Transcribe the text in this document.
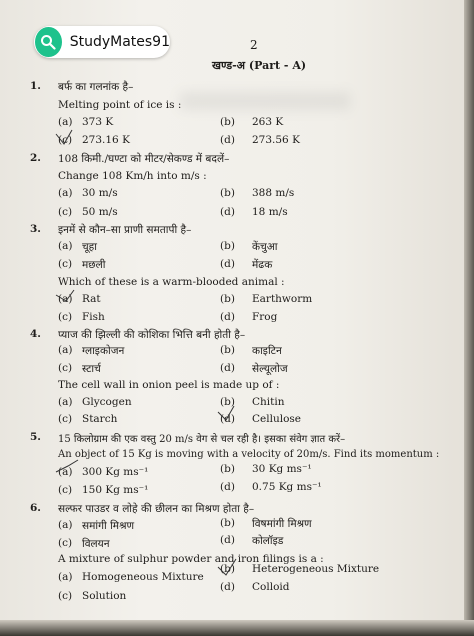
StudyMates91	2
खण्ड-अ (Part - A)
1. बर्फ का गलनांक है–
Melting point of ice is :
(a) 373 K	(b) 263 K
(c) 273.16 K	(d) 273.56 K
2. 108 किमी./घण्टा को मीटर/सेकण्ड में बदलें–
Change 108 Km/h into m/s :
(a) 30 m/s	(b) 388 m/s
(c) 50 m/s	(d) 18 m/s
3. इनमें से कौन–सा प्राणी समतापी है–
(a) चूहा	(b) केंचुआ
(c) मछली	(d) मेंढक
Which of these is a warm-blooded animal :
(a) Rat	(b) Earthworm
(c) Fish	(d) Frog
4. प्याज की झिल्ली की कोशिका भित्ति बनी होती है–
(a) ग्लाइकोजन	(b) काइटिन
(c) स्टार्च	(d) सेल्यूलोज
The cell wall in onion peel is made up of :
(a) Glycogen	(b) Chitin
(c) Starch	(d) Cellulose
5. 15 किलोग्राम की एक वस्तु 20 m/s वेग से चल रही है। इसका संवेग ज्ञात करें–
An object of 15 Kg is moving with a velocity of 20m/s. Find its momentum :
(a) 300 Kg ms⁻¹	(b) 30 Kg ms⁻¹
(c) 150 Kg ms⁻¹	(d) 0.75 Kg ms⁻¹
6. सल्फर पाउडर व लोहे की छीलन का मिश्रण होता है–
(a) समांगी मिश्रण	(b) विषमांगी मिश्रण
(c) विलयन	(d) कोलॉइड
A mixture of sulphur powder and iron filings is a :
(a) Homogeneous Mixture
(b) Heterogeneous Mixture
(c) Solution
(d) Colloid
